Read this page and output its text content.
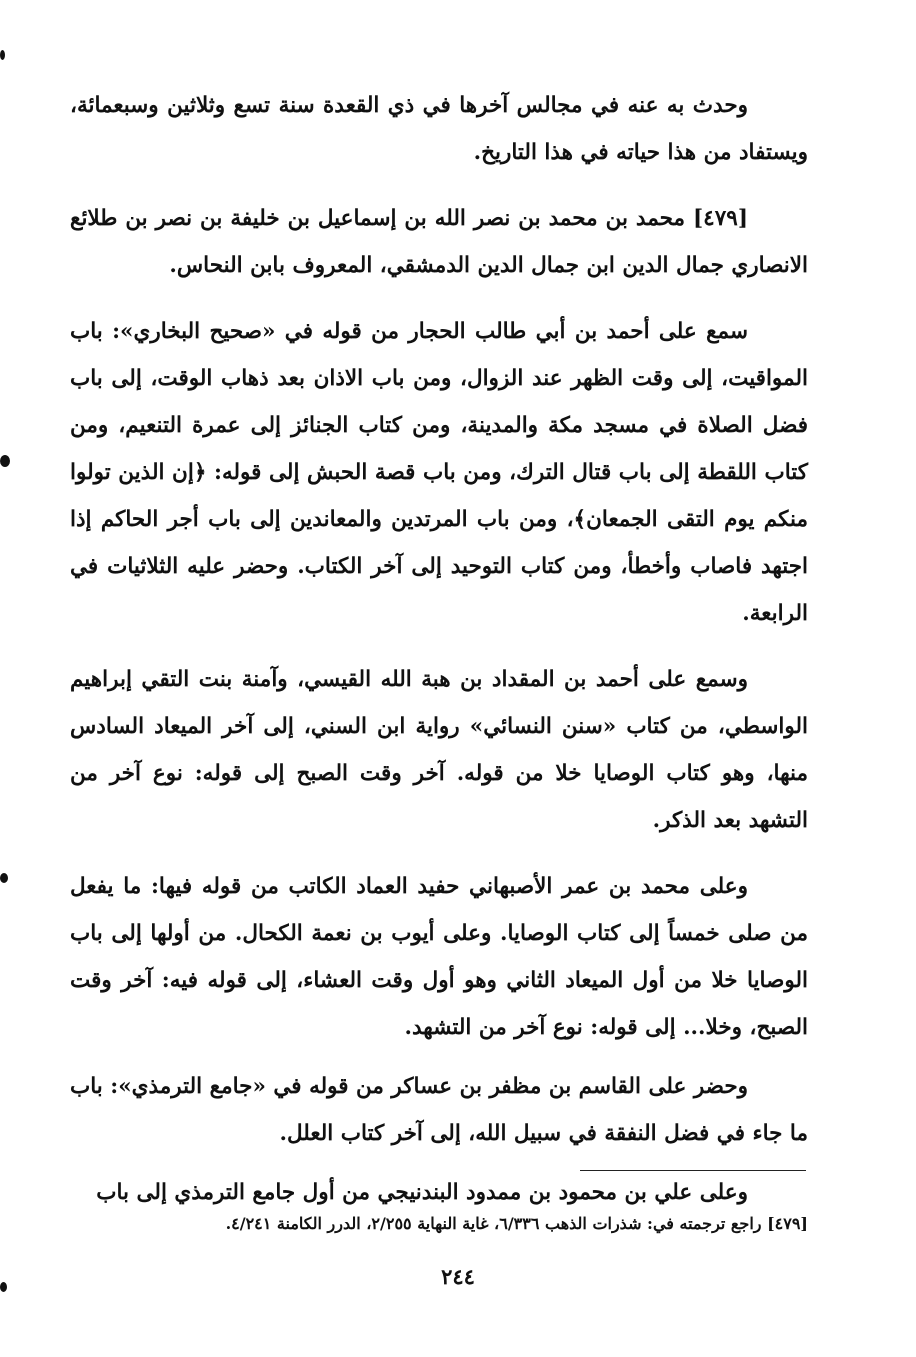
وحدث به عنه في مجالس آخرها في ذي القعدة سنة تسع وثلاثين وسبعمائة، ويستفاد من هذا حياته في هذا التاريخ.

[٤٧٩] محمد بن محمد بن نصر الله بن إسماعيل بن خليفة بن نصر بن طلائع الانصاري جمال الدين ابن جمال الدين الدمشقي، المعروف بابن النحاس.

سمع على أحمد بن أبي طالب الحجار من قوله في «صحيح البخاري»: باب المواقيت، إلى وقت الظهر عند الزوال، ومن باب الاذان بعد ذهاب الوقت، إلى باب فضل الصلاة في مسجد مكة والمدينة، ومن كتاب الجنائز إلى عمرة التنعيم، ومن كتاب اللقطة إلى باب قتال الترك، ومن باب قصة الحبش إلى قوله: ﴿إن الذين تولوا منكم يوم التقى الجمعان﴾، ومن باب المرتدين والمعاندين إلى باب أجر الحاكم إذا اجتهد فاصاب وأخطأ، ومن كتاب التوحيد إلى آخر الكتاب. وحضر عليه الثلاثيات في الرابعة.

وسمع على أحمد بن المقداد بن هبة الله القيسي، وآمنة بنت التقي إبراهيم الواسطي، من كتاب «سنن النسائي» رواية ابن السني، إلى آخر الميعاد السادس منها، وهو كتاب الوصايا خلا من قوله. آخر وقت الصبح إلى قوله: نوع آخر من التشهد بعد الذكر.

وعلى محمد بن عمر الأصبهاني حفيد العماد الكاتب من قوله فيها: ما يفعل من صلى خمساً إلى كتاب الوصايا. وعلى أيوب بن نعمة الكحال. من أولها إلى باب الوصايا خلا من أول الميعاد الثاني وهو أول وقت العشاء، إلى قوله فيه: آخر وقت الصبح، وخلا... إلى قوله: نوع آخر من التشهد.

وحضر على القاسم بن مظفر بن عساكر من قوله في «جامع الترمذي»: باب ما جاء في فضل النفقة في سبيل الله، إلى آخر كتاب العلل.

وعلى علي بن محمود بن ممدود البندنيجي من أول جامع الترمذي إلى باب

[٤٧٩] راجع ترجمته في: شذرات الذهب ٦/٣٣٦، غاية النهاية ٢/٢٥٥، الدرر الكامنة ٤/٢٤١.
٢٤٤
